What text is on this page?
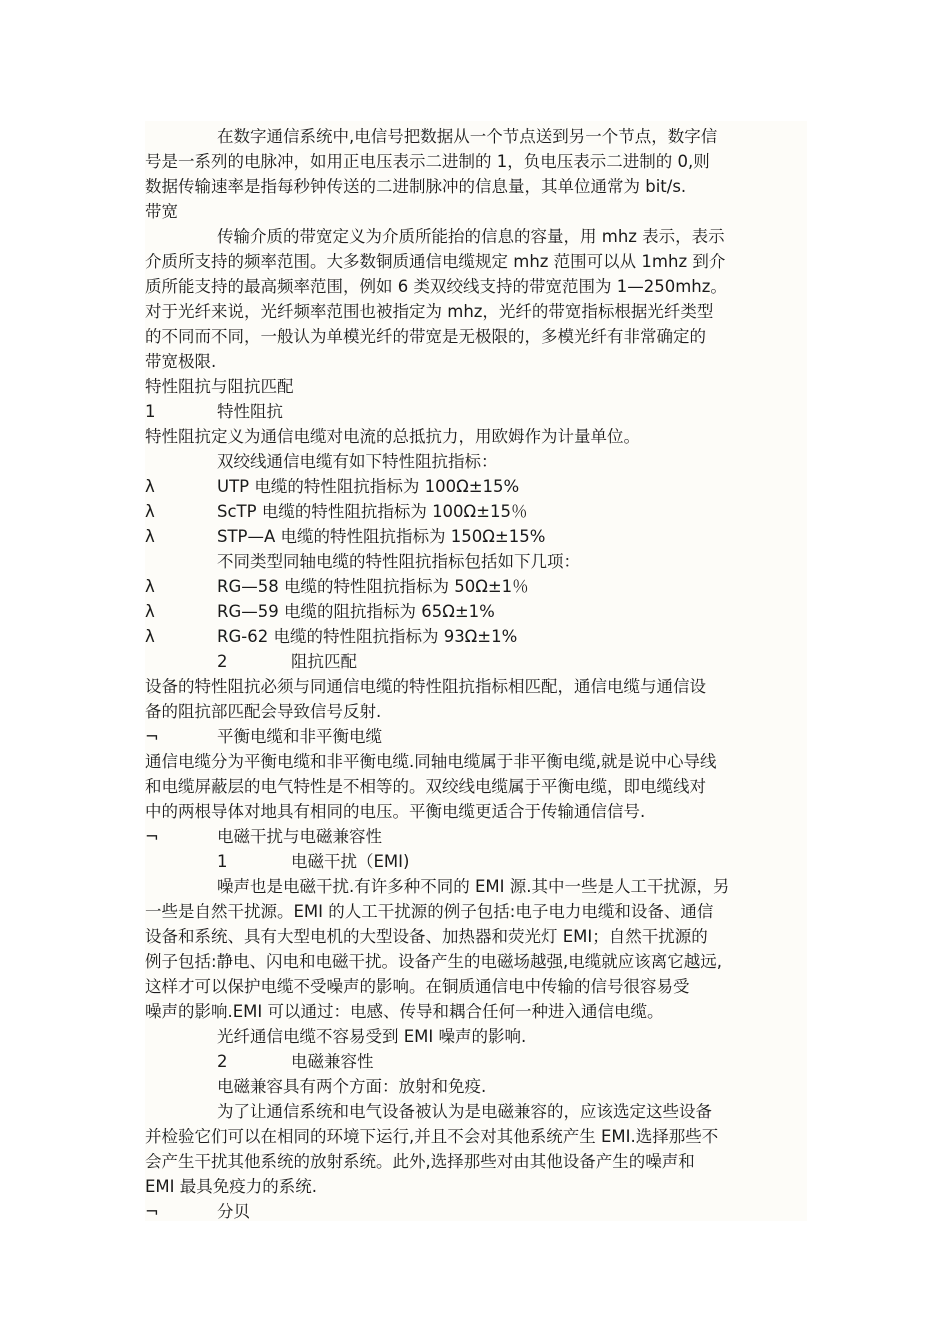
在数字通信系统中,电信号把数据从一个节点送到另一个节点，数字信
号是一系列的电脉冲，如用正电压表示二进制的 1，负电压表示二进制的 0,则
数据传输速率是指每秒钟传送的二进制脉冲的信息量，其单位通常为 bit/s.
带宽
传输介质的带宽定义为介质所能抬的信息的容量，用 mhz 表示，表示
介质所支持的频率范围。大多数铜质通信电缆规定 mhz 范围可以从 1mhz 到介
质所能支持的最高频率范围，例如 6 类双绞线支持的带宽范围为 1—250mhz。
对于光纤来说，光纤频率范围也被指定为 mhz，光纤的带宽指标根据光纤类型
的不同而不同，一般认为单模光纤的带宽是无极限的，多模光纤有非常确定的
带宽极限.
特性阻抗与阻抗匹配
1	特性阻抗
特性阻抗定义为通信电缆对电流的总抵抗力，用欧姆作为计量单位。
双绞线通信电缆有如下特性阻抗指标：
λ	UTP 电缆的特性阻抗指标为 100Ω±15%
λ	ScTP 电缆的特性阻抗指标为 100Ω±15％
λ	STP—A 电缆的特性阻抗指标为 150Ω±15%
不同类型同轴电缆的特性阻抗指标包括如下几项：
λ	RG—58 电缆的特性阻抗指标为 50Ω±1％
λ	RG—59 电缆的阻抗指标为 65Ω±1%
λ	RG-62 电缆的特性阻抗指标为 93Ω±1%
2	阻抗匹配
设备的特性阻抗必须与同通信电缆的特性阻抗指标相匹配，通信电缆与通信设
备的阻抗部匹配会导致信号反射.
¬	平衡电缆和非平衡电缆
通信电缆分为平衡电缆和非平衡电缆.同轴电缆属于非平衡电缆,就是说中心导线
和电缆屏蔽层的电气特性是不相等的。双绞线电缆属于平衡电缆，即电缆线对
中的两根导体对地具有相同的电压。平衡电缆更适合于传输通信信号.
¬	电磁干扰与电磁兼容性
1	电磁干扰（EMI)
噪声也是电磁干扰.有许多种不同的 EMI 源.其中一些是人工干扰源，另
一些是自然干扰源。EMI 的人工干扰源的例子包括:电子电力电缆和设备、通信
设备和系统、具有大型电机的大型设备、加热器和荧光灯 EMI；自然干扰源的
例子包括:静电、闪电和电磁干扰。设备产生的电磁场越强,电缆就应该离它越远,
这样才可以保护电缆不受噪声的影响。在铜质通信电中传输的信号很容易受
噪声的影响.EMI 可以通过：电感、传导和耦合任何一种进入通信电缆。
光纤通信电缆不容易受到 EMI 噪声的影响.
2	电磁兼容性
电磁兼容具有两个方面：放射和免疫.
为了让通信系统和电气设备被认为是电磁兼容的，应该选定这些设备
并检验它们可以在相同的环境下运行,并且不会对其他系统产生 EMI.选择那些不
会产生干扰其他系统的放射系统。此外,选择那些对由其他设备产生的噪声和
EMI 最具免疫力的系统.
¬	分贝
